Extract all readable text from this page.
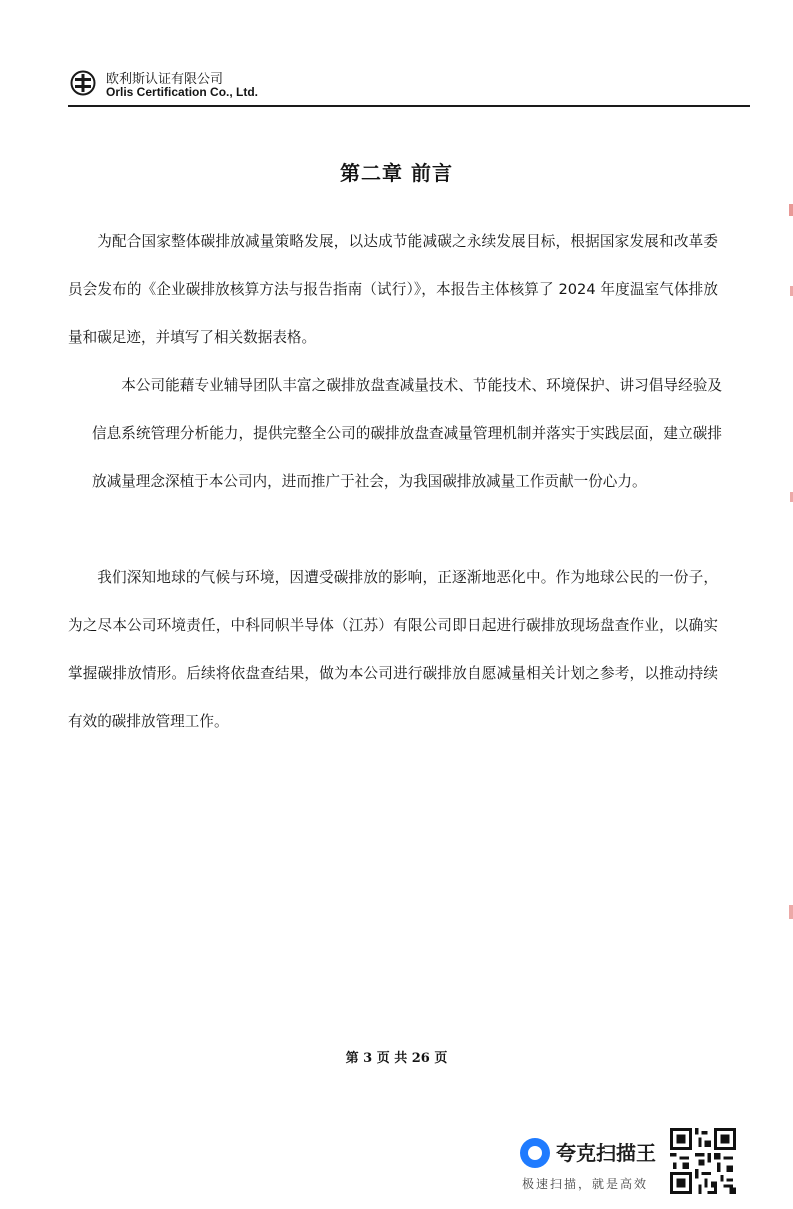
欧利斯认证有限公司
Orlis Certification Co., Ltd.
第二章 前言

为配合国家整体碳排放减量策略发展，以达成节能减碳之永续发展目标，根据国家发展和改革委员会发布的《企业碳排放核算方法与报告指南（试行）》，本报告主体核算了 2024 年度温室气体排放量和碳足迹，并填写了相关数据表格。

本公司能藉专业辅导团队丰富之碳排放盘查减量技术、节能技术、环境保护、讲习倡导经验及信息系统管理分析能力，提供完整全公司的碳排放盘查减量管理机制并落实于实践层面，建立碳排放减量理念深植于本公司内，进而推广于社会，为我国碳排放减量工作贡献一份心力。

我们深知地球的气候与环境，因遭受碳排放的影响，正逐渐地恶化中。作为地球公民的一份子，为之尽本公司环境责任，中科同帜半导体（江苏）有限公司即日起进行碳排放现场盘查作业，以确实掌握碳排放情形。后续将依盘查结果，做为本公司进行碳排放自愿减量相关计划之参考，以推动持续有效的碳排放管理工作。

第 3 页 共 26 页
夸克扫描王
极速扫描，就是高效
